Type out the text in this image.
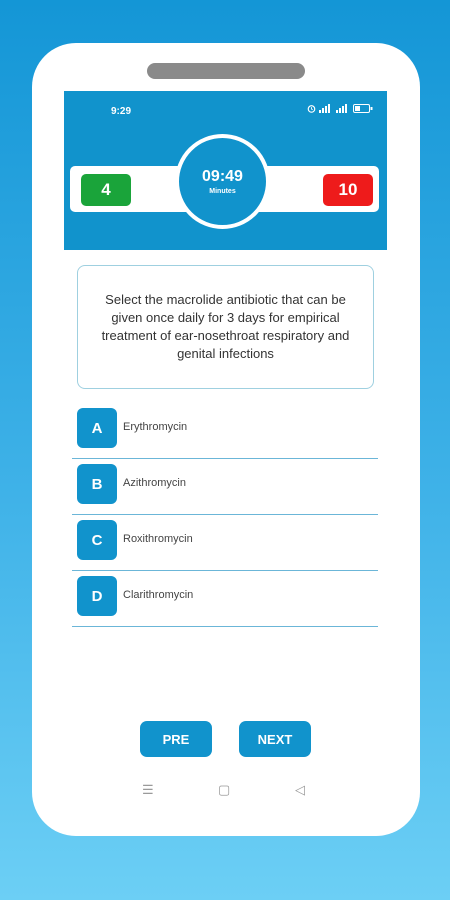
9:29
4	10
09:49
Minutes
Select the macrolide antibiotic that can be given once daily for 3 days for empirical treatment of ear-nosethroat respiratory and genital infections
A	Erythromycin
B	Azithromycin
C	Roxithromycin
D	Clarithromycin
PRE	NEXT
☰	▢	◁
